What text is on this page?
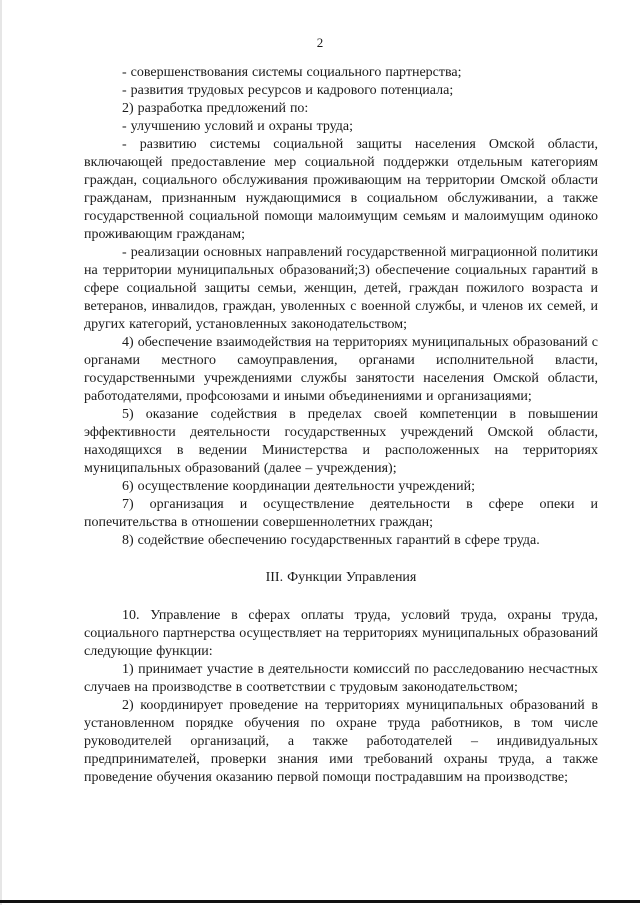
2

- совершенствования системы социального партнерства;

- развития трудовых ресурсов и кадрового потенциала;

2) разработка предложений по:

- улучшению условий и охраны труда;

- развитию системы социальной защиты населения Омской области, включающей предоставление мер социальной поддержки отдельным категориям граждан, социального обслуживания проживающим на территории Омской области гражданам, признанным нуждающимися в социальном обслуживании, а также государственной социальной помощи малоимущим семьям и малоимущим одиноко проживающим гражданам;

- реализации основных направлений государственной миграционной политики на территории муниципальных образований;3) обеспечение социальных гарантий в сфере социальной защиты семьи, женщин, детей, граждан пожилого возраста и ветеранов, инвалидов, граждан, уволенных с военной службы, и членов их семей, и других категорий, установленных законодательством;

4) обеспечение взаимодействия на территориях муниципальных образований с органами местного самоуправления, органами исполнительной власти, государственными учреждениями службы занятости населения Омской области, работодателями, профсоюзами и иными объединениями и организациями;

5) оказание содействия в пределах своей компетенции в повышении эффективности деятельности государственных учреждений Омской области, находящихся в ведении Министерства и расположенных на территориях муниципальных образований (далее – учреждения);

6) осуществление координации деятельности учреждений;

7) организация и осуществление деятельности в сфере опеки и попечительства в отношении совершеннолетних граждан;

8) содействие обеспечению государственных гарантий в сфере труда.

III. Функции Управления

10. Управление в сферах оплаты труда, условий труда, охраны труда, социального партнерства осуществляет на территориях муниципальных образований следующие функции:

1) принимает участие в деятельности комиссий по расследованию несчастных случаев на производстве в соответствии с трудовым законодательством;

2) координирует проведение на территориях муниципальных образований в установленном порядке обучения по охране труда работников, в том числе руководителей организаций, а также работодателей – индивидуальных предпринимателей, проверки знания ими требований охраны труда, а также проведение обучения оказанию первой помощи пострадавшим на производстве;
